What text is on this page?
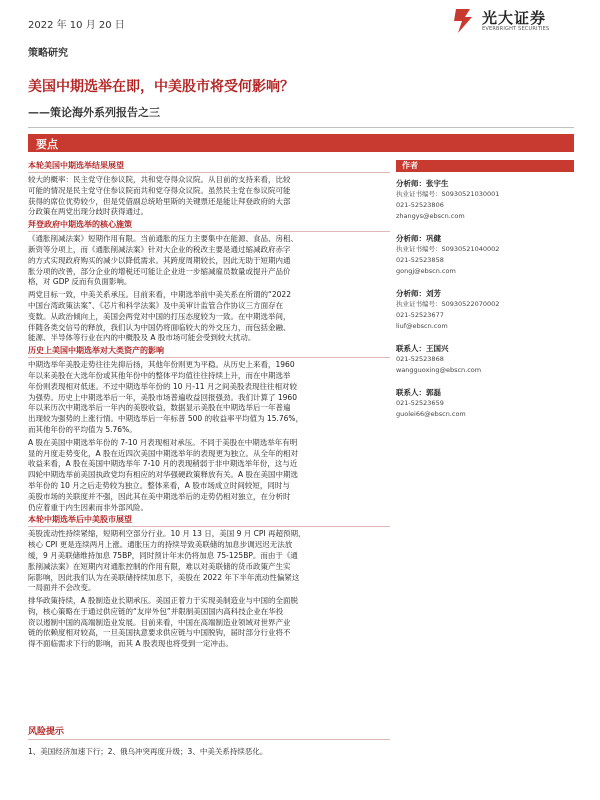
2022 年 10 月 20 日	光大证券
EVERBRIGHT SECURITIES
策略研究
美国中期选举在即，中美股市将受何影响？
——策论海外系列报告之三
要点
本轮美国中期选举结果展望
较大的概率：民主党守住参议院，共和党夺得众议院。从目前的支持来看，比较
可能的情况是民主党守住参议院而共和党夺得众议院。虽然民主党在参议院可能
获得的席位优势较少，但是凭借副总统哈里斯的关键票还是能让拜登政府的大部
分政策在两党出现分歧时获得通过。
拜登政府中期选举的核心施策
《通胀削减法案》短期作用有限。当前通胀的压力主要集中在能源、食品、房租、
新资等分项上，而《通胀削减法案》针对大企业的税改主要是通过缩减政府赤字
的方式实现政府购买的减少以降低需求。其跨度周期较长，因此无助于短期内通
胀分项的改善，部分企业的增税还可能让企业进一步缩减雇员数量或提升产品价
格，对 GDP 反而有负面影响。
两党目标一致，中美关系承压。目前来看，中期选举前中美关系在所谓的“2022
中国台湾政策法案”、《芯片和科学法案》及中美审计监管合作协议三方面存在
变数。从政治倾向上，美国会两党对中国的打压态度较为一致。在中期选举间，
伴随各类交信号的释放，我们认为中国仍将面临较大的外交压力，而包括金融、
能源、半导体等行业在内的中概股及 A 股市场可能会受到较大扰动。
历史上美国中期选举对大类资产的影响
中期选举年美股走势往往先抑后扬，其他年份则更为平稳。从历史上来看，1960
年以来美股在大选年份或其他年份中的整体平均值往往持续上升，而在中期选举
年份则表现相对低迷。不过中期选举年份的 10 月-11 月之间美股表现往往相对较
为强势。历史上中期选举后一年，美股市场普遍收益回报强劲。我们计算了 1960
年以来历次中期选举后一年内的美股收益，数据显示美股在中期选举后一年普遍
出现较为强势的上涨行情。中期选举后一年标普 500 的收益率平均值为 15.76%，
而其他年份的平均值为 5.76%。
A 股在美国中期选举年份的 7-10 月表现相对承压。不同于美股在中期选举年有明
显的月度走势变化，A 股在近四次美国中期选举年的表现更为独立。从全年的相对
收益来看，A 股在美国中期选举年 7-10 月的表现稍弱于非中期选举年份，这与近
四轮中期选举前美国执政党均有相应的对华强硬政策释放有关。A 股在美国中期选
举年份的 10 月之后走势较为独立。整体来看，A 股市场成立时间较短，同时与
美股市场的关联度并不强，因此其在美中期选举后的走势仍相对独立，在分析时
仍应着重于内生因素而非外部风险。
本轮中期选举后中美股市展望
美股流动性持续紧缩，短期利空部分行业。10 月 13 日，美国 9 月 CPI 再超预期，
核心 CPI 更是连续两月上涨。通胀压力的持续导致美联储的加息步调迟迟无法放
缓，9 月美联储维持加息 75BP，同时预计年末仍将加息 75-125BP。而由于《通
胀削减法案》在短期内对通胀控制的作用有限，难以对美联储的货币政策产生实
际影响，因此我们认为在美联储持续加息下，美股在 2022 年下半年流动性偏紧这
一局面并不会改变。
排华政策持续，A 股制造业长期承压。美国正着力于实现美制造业与中国的全面脱
钩，核心策略在于通过供应链的“友岸外包”并限制美国国内高科技企业在华投
资以遏制中国的高端制造业发展。目前来看，中国在高端制造业领域对世界产业
链的依赖度相对较高，一旦美国执意要求供应链与中国脱钩，届时部分行业将不
得不面临需求下行的影响，而其 A 股表现也将受到一定冲击。
作者
分析师：张宇生
执业证书编号：S0930521030001
021-52523806
zhangys@ebscn.com
分析师：巩健
执业证书编号：S0930521040002
021-52523858
gongj@ebscn.com
分析师：刘芳
执业证书编号：S0930522070002
021-52523677
liuf@ebscn.com
联系人：王国兴
021-52523868
wangguoxing@ebscn.com
联系人：郭磊
021-52523659
guolei66@ebscn.com
风险提示
1、美国经济加速下行；2、俄乌冲突再度升级；3、中美关系持续恶化。
